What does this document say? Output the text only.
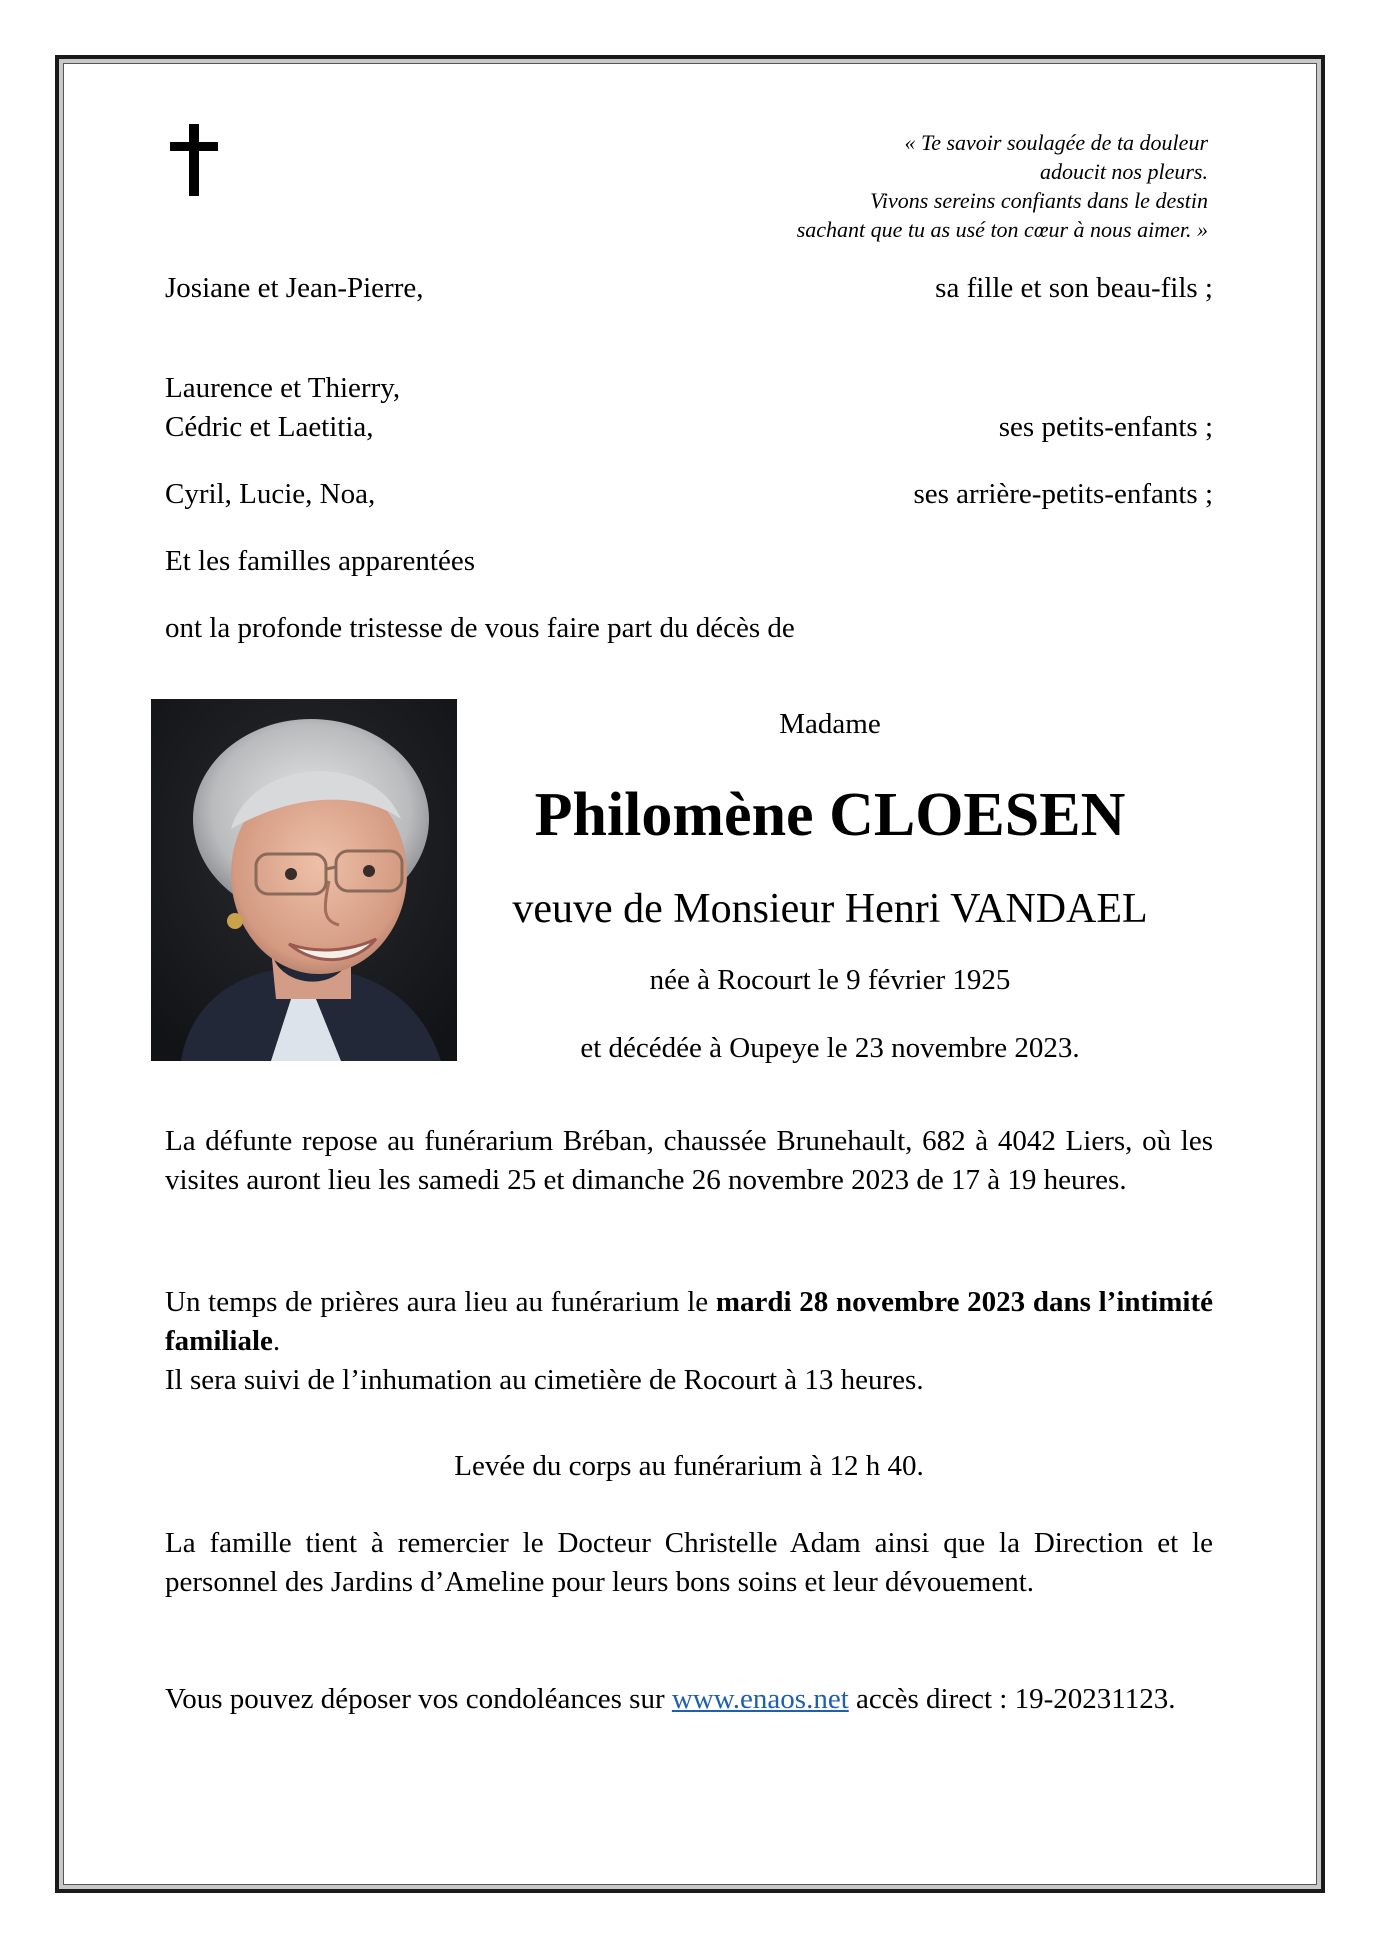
« Te savoir soulagée de ta douleur
adoucit nos pleurs.
Vivons sereins confiants dans le destin
sachant que tu as usé ton cœur à nous aimer. »
Josiane et Jean-Pierre,	sa fille et son beau-fils ;
Laurence et Thierry,
Cédric et Laetitia,	ses petits-enfants ;
Cyril, Lucie, Noa,	ses arrière-petits-enfants ;
Et les familles apparentées
ont la profonde tristesse de vous faire part du décès de
Madame
Philomène CLOESEN
veuve de Monsieur Henri VANDAEL
née à Rocourt le 9 février 1925
et décédée à Oupeye le 23 novembre 2023.
La défunte repose au funérarium Bréban, chaussée Brunehault, 682 à 4042 Liers, où les visites auront lieu les samedi 25 et dimanche 26 novembre 2023 de 17 à 19 heures.
Un temps de prières aura lieu au funérarium le mardi 28 novembre 2023 dans l’intimité familiale.
Il sera suivi de l’inhumation au cimetière de Rocourt à 13 heures.
Levée du corps au funérarium à 12 h 40.
La famille tient à remercier le Docteur Christelle Adam ainsi que la Direction et le personnel des Jardins d’Ameline pour leurs bons soins et leur dévouement.
Vous pouvez déposer vos condoléances sur www.enaos.net accès direct : 19-20231123.
